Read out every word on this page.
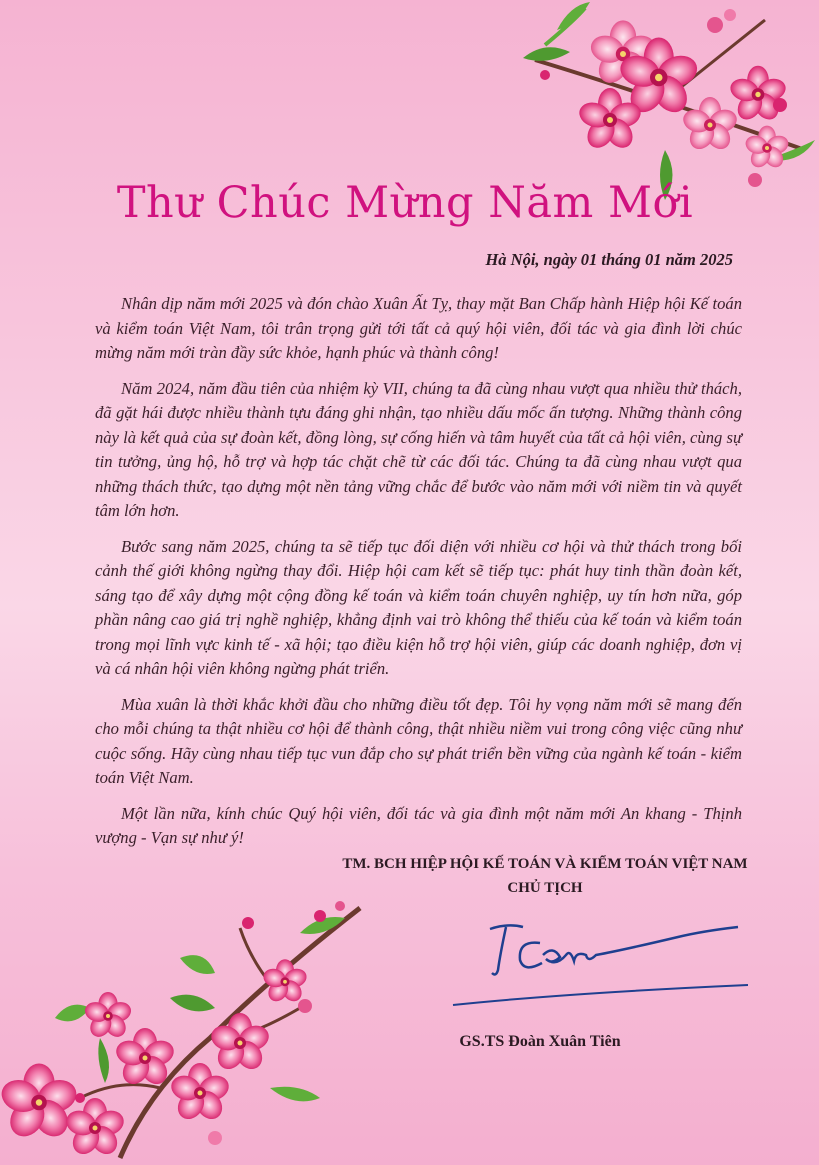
Thư Chúc Mừng Năm Mới
Hà Nội, ngày 01 tháng 01 năm 2025

Nhân dịp năm mới 2025 và đón chào Xuân Ất Tỵ, thay mặt Ban Chấp hành Hiệp hội Kế toán và kiểm toán Việt Nam, tôi trân trọng gửi tới tất cả quý hội viên, đối tác và gia đình lời chúc mừng năm mới tràn đầy sức khỏe, hạnh phúc và thành công!

Năm 2024, năm đầu tiên của nhiệm kỳ VII, chúng ta đã cùng nhau vượt qua nhiều thử thách, đã gặt hái được nhiều thành tựu đáng ghi nhận, tạo nhiều dấu mốc ấn tượng. Những thành công này là kết quả của sự đoàn kết, đồng lòng, sự cống hiến và tâm huyết của tất cả hội viên, cùng sự tin tưởng, ủng hộ, hỗ trợ và hợp tác chặt chẽ từ các đối tác. Chúng ta đã cùng nhau vượt qua những thách thức, tạo dựng một nền tảng vững chắc để bước vào năm mới với niềm tin và quyết tâm lớn hơn.

Bước sang năm 2025, chúng ta sẽ tiếp tục đối diện với nhiều cơ hội và thử thách trong bối cảnh thế giới không ngừng thay đổi. Hiệp hội cam kết sẽ tiếp tục: phát huy tinh thần đoàn kết, sáng tạo để xây dựng một cộng đồng kế toán và kiểm toán chuyên nghiệp, uy tín hơn nữa, góp phần nâng cao giá trị nghề nghiệp, khẳng định vai trò không thể thiếu của kế toán và kiểm toán trong mọi lĩnh vực kinh tế - xã hội; tạo điều kiện hỗ trợ hội viên, giúp các doanh nghiệp, đơn vị và cá nhân hội viên không ngừng phát triển.

Mùa xuân là thời khắc khởi đầu cho những điều tốt đẹp. Tôi hy vọng năm mới sẽ mang đến cho mỗi chúng ta thật nhiều cơ hội để thành công, thật nhiều niềm vui trong công việc cũng như cuộc sống. Hãy cùng nhau tiếp tục vun đắp cho sự phát triển bền vững của ngành kế toán - kiểm toán Việt Nam.

Một lần nữa, kính chúc Quý hội viên, đối tác và gia đình một năm mới An khang - Thịnh vượng - Vạn sự như ý!

TM. BCH HIỆP HỘI KẾ TOÁN VÀ KIỂM TOÁN VIỆT NAM
CHỦ TỊCH
GS.TS Đoàn Xuân Tiên
